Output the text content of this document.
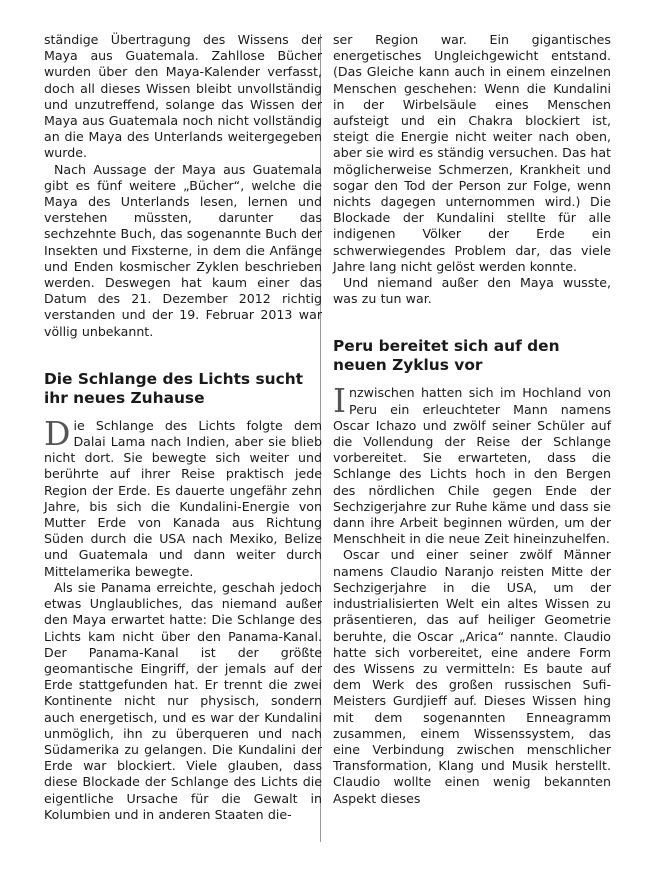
ständige Übertragung des Wissens der Maya aus Guatemala. Zahllose Bücher wurden über den Maya-Kalender verfasst, doch all dieses Wissen bleibt unvollständig und unzutreffend, solange das Wissen der Maya aus Guatemala noch nicht vollständig an die Maya des Unterlands weitergegeben wurde.

Nach Aussage der Maya aus Guatemala gibt es fünf weitere „Bücher“, welche die Maya des Unterlands lesen, lernen und verstehen müssten, darunter das sechzehnte Buch, das sogenannte Buch der Insekten und Fixsterne, in dem die Anfänge und Enden kosmischer Zyklen beschrieben werden. Deswegen hat kaum einer das Datum des 21. Dezember 2012 richtig verstanden und der 19. Februar 2013 war völlig unbekannt.

Die Schlange des Lichts sucht ihr neues Zuhause

Die Schlange des Lichts folgte dem Dalai Lama nach Indien, aber sie blieb nicht dort. Sie bewegte sich weiter und berührte auf ihrer Reise praktisch jede Region der Erde. Es dauerte ungefähr zehn Jahre, bis sich die Kundalini-Energie von Mutter Erde von Kanada aus Richtung Süden durch die USA nach Mexiko, Belize und Guatemala und dann weiter durch Mittelamerika bewegte.

Als sie Panama erreichte, geschah jedoch etwas Unglaubliches, das niemand außer den Maya erwartet hatte: Die Schlange des Lichts kam nicht über den Panama-Kanal. Der Panama-Kanal ist der größte geomantische Eingriff, der jemals auf der Erde stattgefunden hat. Er trennt die zwei Kontinente nicht nur physisch, sondern auch energetisch, und es war der Kundalini unmöglich, ihn zu überqueren und nach Südamerika zu gelangen. Die Kundalini der Erde war blockiert. Viele glauben, dass diese Blockade der Schlange des Lichts die eigentliche Ursache für die Gewalt in Kolumbien und in anderen Staaten die-

ser Region war. Ein gigantisches energetisches Ungleichgewicht entstand. (Das Gleiche kann auch in einem einzelnen Menschen geschehen: Wenn die Kundalini in der Wirbelsäule eines Menschen aufsteigt und ein Chakra blockiert ist, steigt die Energie nicht weiter nach oben, aber sie wird es ständig versuchen. Das hat möglicherweise Schmerzen, Krankheit und sogar den Tod der Person zur Folge, wenn nichts dagegen unternommen wird.) Die Blockade der Kundalini stellte für alle indigenen Völker der Erde ein schwerwiegendes Problem dar, das viele Jahre lang nicht gelöst werden konnte.

Und niemand außer den Maya wusste, was zu tun war.

Peru bereitet sich auf den neuen Zyklus vor

Inzwischen hatten sich im Hochland von Peru ein erleuchteter Mann namens Oscar Ichazo und zwölf seiner Schüler auf die Vollendung der Reise der Schlange vorbereitet. Sie erwarteten, dass die Schlange des Lichts hoch in den Bergen des nördlichen Chile gegen Ende der Sechzigerjahre zur Ruhe käme und dass sie dann ihre Arbeit beginnen würden, um der Menschheit in die neue Zeit hineinzuhelfen.

Oscar und einer seiner zwölf Männer namens Claudio Naranjo reisten Mitte der Sechzigerjahre in die USA, um der industrialisierten Welt ein altes Wissen zu präsentieren, das auf heiliger Geometrie beruhte, die Oscar „Arica“ nannte. Claudio hatte sich vorbereitet, eine andere Form des Wissens zu vermitteln: Es baute auf dem Werk des großen russischen Sufi-Meisters Gurdjieff auf. Dieses Wissen hing mit dem sogenannten Enneagramm zusammen, einem Wissenssystem, das eine Verbindung zwischen menschlicher Transformation, Klang und Musik herstellt. Claudio wollte einen wenig bekannten Aspekt dieses
